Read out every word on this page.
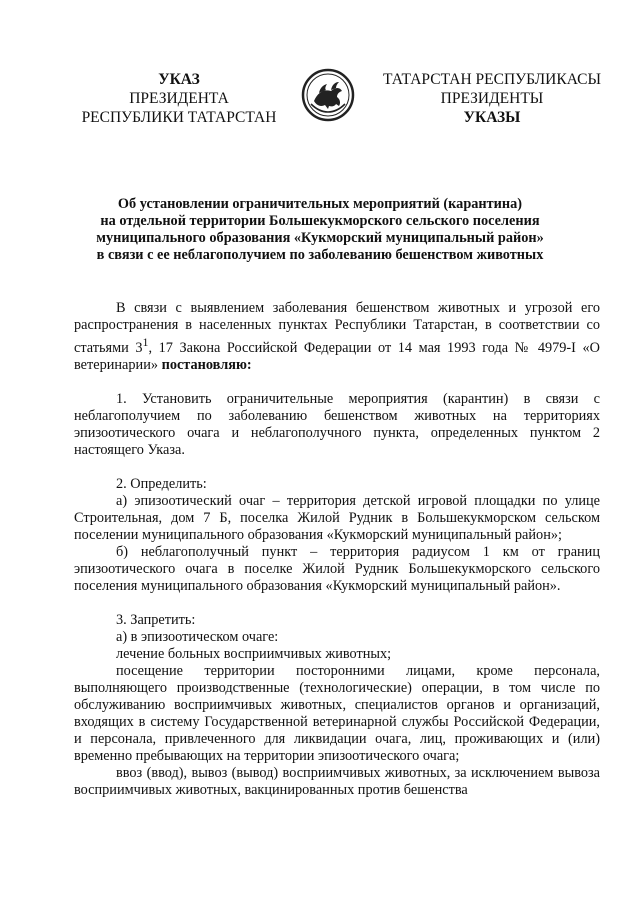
УКАЗ
ПРЕЗИДЕНТА
РЕСПУБЛИКИ ТАТАРСТАН
ТАТАРСТАН РЕСПУБЛИКАСЫ
ПРЕЗИДЕНТЫ
УКАЗЫ
Об установлении ограничительных мероприятий (карантина)
на отдельной территории Большекукморского сельского поселения
муниципального образования «Кукморский муниципальный район»
в связи с ее неблагополучием по заболеванию бешенством животных

В связи с выявлением заболевания бешенством животных и угрозой его распространения в населенных пунктах Республики Татарстан, в соответствии со статьями $3^1$, 17 Закона Российской Федерации от 14 мая 1993 года № 4979-I «О ветеринарии» постановляю:

1. Установить ограничительные мероприятия (карантин) в связи с неблагополучием по заболеванию бешенством животных на территориях эпизоотического очага и неблагополучного пункта, определенных пунктом 2 настоящего Указа.

2. Определить:

а) эпизоотический очаг – территория детской игровой площадки по улице Строительная, дом 7 Б, поселка Жилой Рудник в Большекукморском сельском поселении муниципального образования «Кукморский муниципальный район»;

б) неблагополучный пункт – территория радиусом 1 км от границ эпизоотического очага в поселке Жилой Рудник Большекукморского сельского поселения муниципального образования «Кукморский муниципальный район».

3. Запретить:

а) в эпизоотическом очаге:

лечение больных восприимчивых животных;

посещение территории посторонними лицами, кроме персонала, выполняющего производственные (технологические) операции, в том числе по обслуживанию восприимчивых животных, специалистов органов и организаций, входящих в систему Государственной ветеринарной службы Российской Федерации, и персонала, привлеченного для ликвидации очага, лиц, проживающих и (или) временно пребывающих на территории эпизоотического очага;

ввоз (ввод), вывоз (вывод) восприимчивых животных, за исключением вывоза восприимчивых животных, вакцинированных против бешенства
